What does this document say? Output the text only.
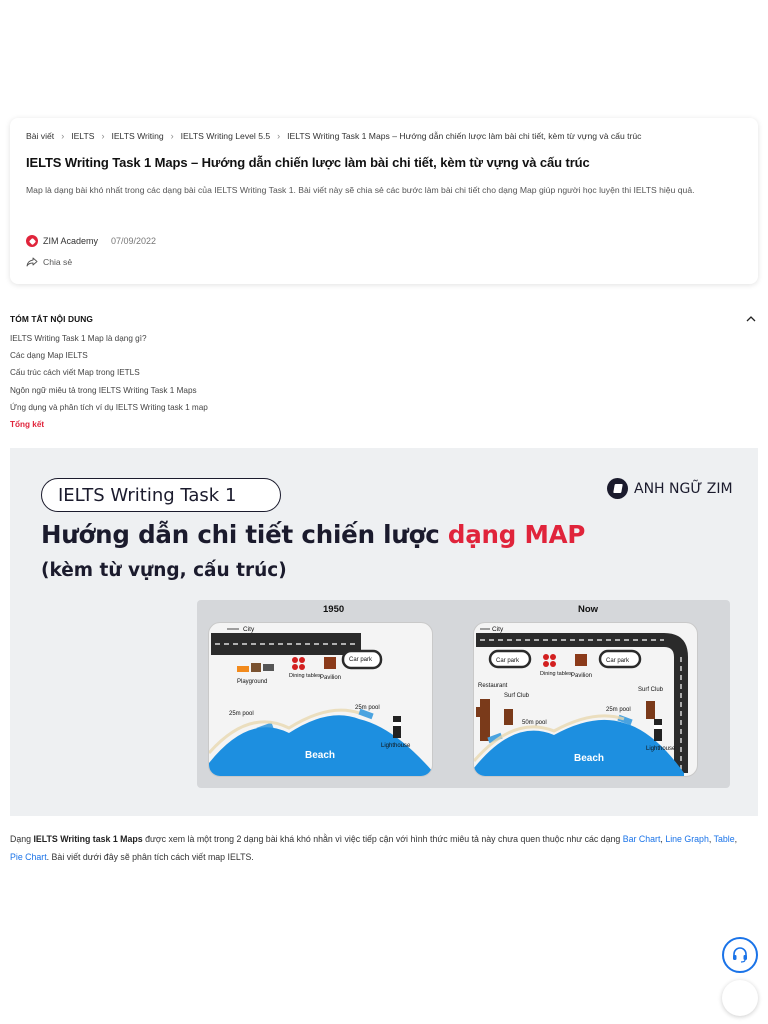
Bài viết › IELTS › IELTS Writing › IELTS Writing Level 5.5 › IELTS Writing Task 1 Maps – Hướng dẫn chiến lược làm bài chi tiết, kèm từ vựng và cấu trúc
IELTS Writing Task 1 Maps – Hướng dẫn chiến lược làm bài chi tiết, kèm từ vựng và cấu trúc

Map là dạng bài khó nhất trong các dạng bài của IELTS Writing Task 1. Bài viết này sẽ chia sẻ các bước làm bài chi tiết cho dạng Map giúp người học luyện thi IELTS hiệu quả.

ZIM Academy 07/09/2022
Chia sẻ
TÓM TẮT NỘI DUNG
IELTS Writing Task 1 Map là dạng gì?
Các dạng Map IELTS
Cấu trúc cách viết Map trong IETLS
Ngôn ngữ miêu tả trong IELTS Writing Task 1 Maps
Ứng dụng và phân tích ví dụ IELTS Writing task 1 map
Tổng kết
IELTS Writing Task 1	ANH NGỮ ZIM
Hướng dẫn chi tiết chiến lược dạng MAP
(kèm từ vựng, cấu trúc)
1950	Now
City
Playground
Dining tables Pavilion
Car park
25m pool
25m pool
Beach
Lighthouse
City
Car park
Dining tables Pavilion
Car park
Restaurant
Surf Club
Surf Club
50m pool
25m pool
Beach
Lighthouse

Dạng IELTS Writing task 1 Maps được xem là một trong 2 dạng bài khá khó nhằn vì việc tiếp cận với hình thức miêu tả này chưa quen thuộc như các dạng Bar Chart, Line Graph, Table, Pie Chart. Bài viết dưới đây sẽ phân tích cách viết map IELTS.
